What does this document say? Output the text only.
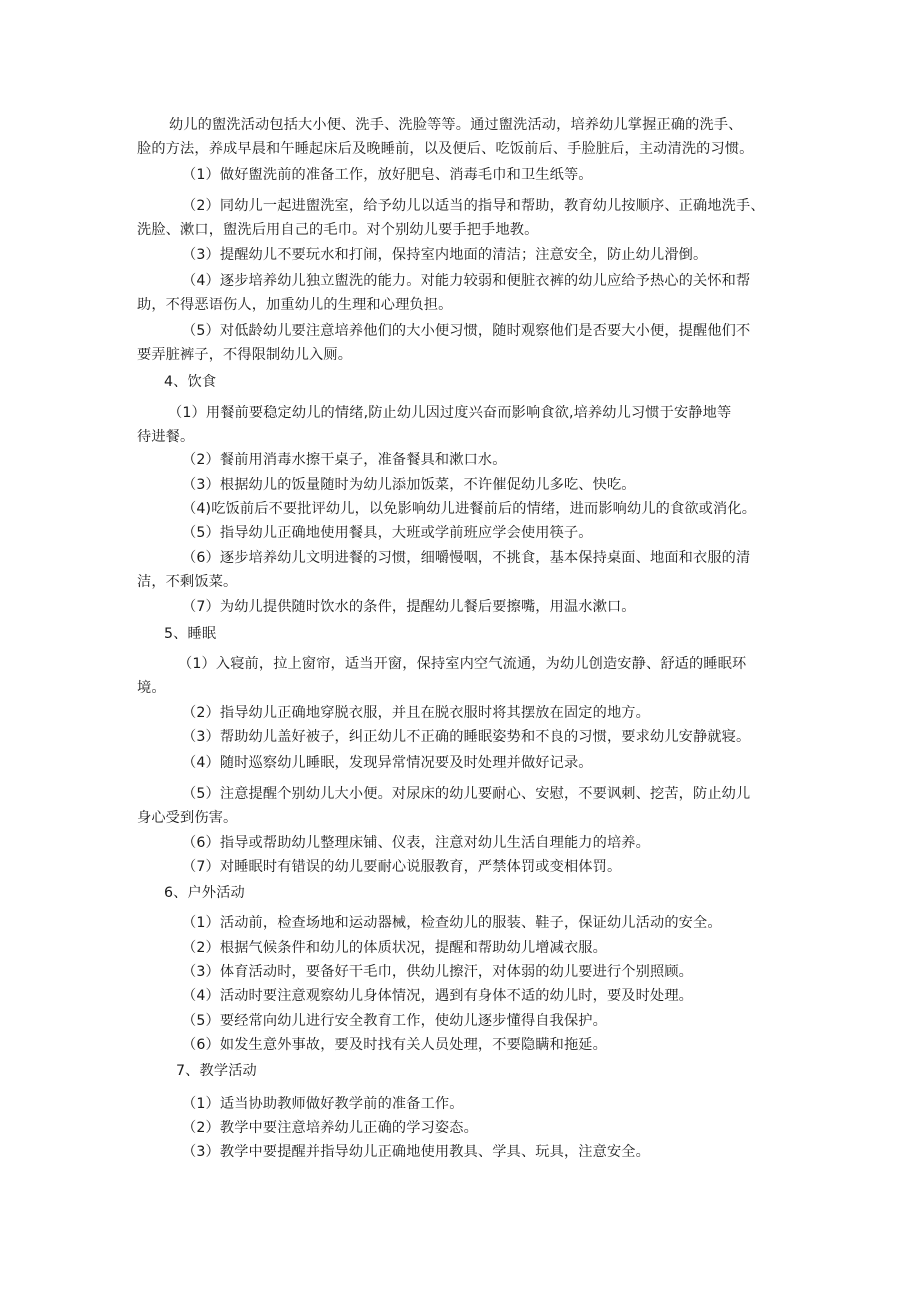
幼儿的盥洗活动包括大小便、洗手、洗脸等等。通过盥洗活动，培养幼儿掌握正确的洗手、
脸的方法，养成早晨和午睡起床后及晚睡前，以及便后、吃饭前后、手脸脏后，主动清洗的习惯。
（1）做好盥洗前的准备工作，放好肥皂、消毒毛巾和卫生纸等。
（2）同幼儿一起进盥洗室，给予幼儿以适当的指导和帮助，教育幼儿按顺序、正确地洗手、
洗脸、漱口，盥洗后用自己的毛巾。对个别幼儿要手把手地教。
（3）提醒幼儿不要玩水和打闹，保持室内地面的清洁；注意安全，防止幼儿滑倒。
（4）逐步培养幼儿独立盥洗的能力。对能力较弱和便脏衣裤的幼儿应给予热心的关怀和帮
助，不得恶语伤人，加重幼儿的生理和心理负担。
（5）对低龄幼儿要注意培养他们的大小便习惯，随时观察他们是否要大小便，提醒他们不
要弄脏裤子，不得限制幼儿入厕。
4、饮食
（1）用餐前要稳定幼儿的情绪,防止幼儿因过度兴奋而影响食欲,培养幼儿习惯于安静地等
待进餐。
（2）餐前用消毒水擦干桌子，准备餐具和漱口水。
（3）根据幼儿的饭量随时为幼儿添加饭菜，不许催促幼儿多吃、快吃。
（4)吃饭前后不要批评幼儿，以免影响幼儿进餐前后的情绪，进而影响幼儿的食欲或消化。
（5）指导幼儿正确地使用餐具，大班或学前班应学会使用筷子。
（6）逐步培养幼儿文明进餐的习惯，细嚼慢咽，不挑食，基本保持桌面、地面和衣服的清
洁，不剩饭菜。
（7）为幼儿提供随时饮水的条件，提醒幼儿餐后要擦嘴，用温水漱口。
5、睡眠
（1）入寝前，拉上窗帘，适当开窗，保持室内空气流通，为幼儿创造安静、舒适的睡眠环
境。
（2）指导幼儿正确地穿脱衣服，并且在脱衣服时将其摆放在固定的地方。
（3）帮助幼儿盖好被子，纠正幼儿不正确的睡眠姿势和不良的习惯，要求幼儿安静就寝。
（4）随时巡察幼儿睡眠，发现异常情况要及时处理并做好记录。
（5）注意提醒个别幼儿大小便。对尿床的幼儿要耐心、安慰，不要讽刺、挖苦，防止幼儿
身心受到伤害。
（6）指导或帮助幼儿整理床铺、仪表，注意对幼儿生活自理能力的培养。
（7）对睡眠时有错误的幼儿要耐心说服教育，严禁体罚或变相体罚。
6、户外活动
（1）活动前，检查场地和运动器械，检查幼儿的服装、鞋子，保证幼儿活动的安全。
（2）根据气候条件和幼儿的体质状况，提醒和帮助幼儿增减衣服。
（3）体育活动时，要备好干毛巾，供幼儿擦汗，对体弱的幼儿要进行个别照顾。
（4）活动时要注意观察幼儿身体情况，遇到有身体不适的幼儿时，要及时处理。
（5）要经常向幼儿进行安全教育工作，使幼儿逐步懂得自我保护。
（6）如发生意外事故，要及时找有关人员处理，不要隐瞒和拖延。
7、教学活动
（1）适当协助教师做好教学前的准备工作。
（2）教学中要注意培养幼儿正确的学习姿态。
（3）教学中要提醒并指导幼儿正确地使用教具、学具、玩具，注意安全。
